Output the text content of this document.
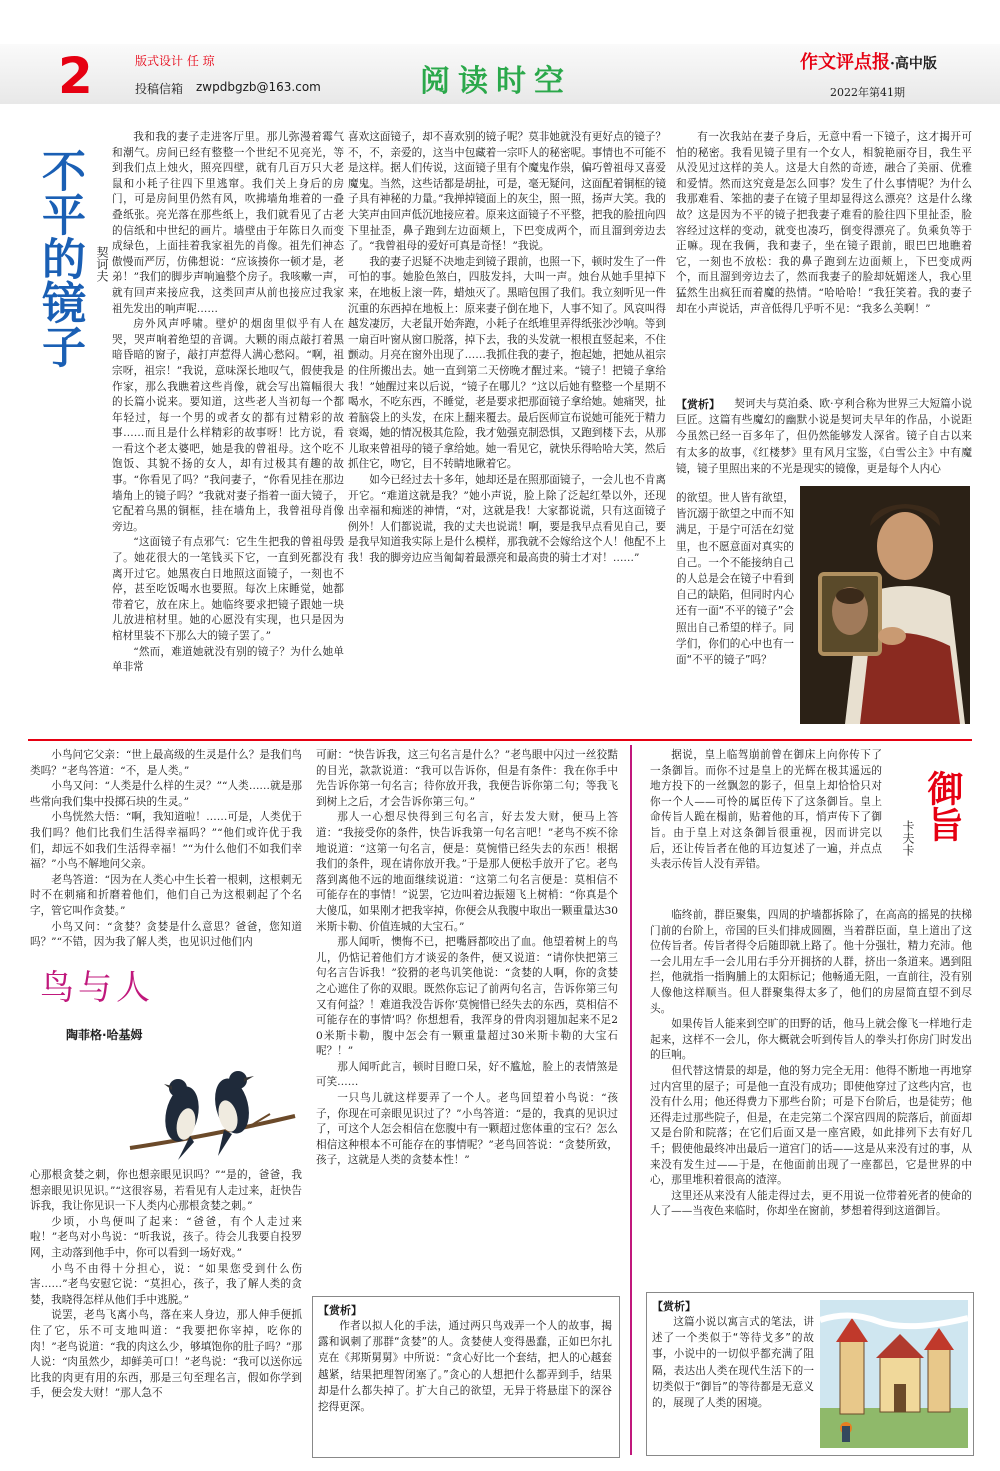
2	版式设计 任 琼
投稿信箱 zwpdbgzb@163.com	阅读时空
作文评点报·高中版
2022年第41期
不平的镜子 契诃夫

我和我的妻子走进客厅里。那儿弥漫着霉气和潮气。房间已经有整整一个世纪不见亮光，等到我们点上烛火，照亮四壁，就有几百万只大老鼠和小耗子往四下里逃窜。我们关上身后的房门，可是房间里仍然有风，吹拂墙角堆着的一叠叠纸张。亮光落在那些纸上，我们就看见了古老的信纸和中世纪的画片。墙壁由于年陈日久而变成绿色，上面挂着我家祖先的肖像。祖先们神态傲慢而严厉，仿佛想说：“应该揍你一顿才是，老弟！”我们的脚步声响遍整个房子。我咳嗽一声，就有回声来接应我，这类回声从前也接应过我家祖先发出的响声呢……

房外风声呼啸。壁炉的烟囱里似乎有人在哭，哭声响着绝望的音调。大颗的雨点敲打着黑暗昏暗的窗子，敲打声惹得人满心愁闷。“啊，祖宗呀，祖宗！”我说，意味深长地叹气，假使我是作家，那么我瞧着这些肖像，就会写出篇幅很大的长篇小说来。要知道，这些老人当初每一个都年轻过，每一个男的或者女的都有过精彩的故事……而且是什么样精彩的故事呀！比方说，看一看这个老太婆吧，她是我的曾祖母。这个吃不饱饭、其貌不扬的女人，却有过极其有趣的故事。“你看见了吗？”我问妻子，“你看见挂在那边墙角上的镜子吗？”我就对妻子指着一面大镜子，它配着乌黑的铜框，挂在墙角上，我曾祖母肖像旁边。

“这面镜子有点邪气：它生生把我的曾祖母毁了。她花很大的一笔钱买下它，一直到死都没有离开过它。她黑夜白日地照这面镜子，一刻也不停，甚至吃饭喝水也要照。每次上床睡觉，她都带着它，放在床上。她临终要求把镜子跟她一块儿放进棺材里。她的心愿没有实现，也只是因为棺材里装不下那么大的镜子罢了。”

“然而，难道她就没有别的镜子？为什么她单单非常

喜欢这面镜子，却不喜欢别的镜子呢？莫非她就没有更好点的镜子？不，不，亲爱的，这当中包藏着一宗吓人的秘密呢。事情也不可能不是这样。据人们传说，这面镜子里有个魔鬼作祟，偏巧曾祖母又喜爱魔鬼。当然，这些话都是胡扯，可是，毫无疑问，这面配着铜框的镜子具有神秘的力量。”我掸掉镜面上的灰尘，照一照，扬声大笑。我的大笑声由回声低沉地接应着。原来这面镜子不平整，把我的脸扭向四下里扯歪，鼻子跑到左边面颊上，下巴变成两个，而且溜到旁边去了。“我曾祖母的爱好可真是奇怪！”我说。

我的妻子迟疑不决地走到镜子跟前，也照一下，顿时发生了一件可怕的事。她脸色煞白，四肢发抖，大叫一声。烛台从她手里掉下来，在地板上滚一阵，蜡烛灭了。黑暗包围了我们。我立刻听见一件沉重的东西掉在地板上：原来妻子倒在地下，人事不知了。风哀叫得越发凄厉，大老鼠开始奔跑，小耗子在纸堆里弄得纸张沙沙响。等到一扇百叶窗从窗口脱落，掉下去，我的头发就一根根直竖起来，不住颤动。月亮在窗外出现了……我抓住我的妻子，抱起她，把她从祖宗的住所搬出去。她一直到第二天傍晚才醒过来。“镜子！把镜子拿给我！”她醒过来以后说，“镜子在哪儿？”这以后她有整整一个星期不喝水，不吃东西，不睡觉，老是要求把那面镜子拿给她。她痛哭，扯着脑袋上的头发，在床上翻来覆去。最后医师宣布说她可能死于精力衰竭，她的情况极其危险，我才勉强克制恐惧，又跑到楼下去，从那儿取来曾祖母的镜子拿给她。她一看见它，就快乐得哈哈大笑，然后抓住它，吻它，目不转睛地瞅着它。

如今已经过去十多年，她却还是在照那面镜子，一会儿也不肯离开它。“难道这就是我？”她小声说，脸上除了泛起红晕以外，还现出幸福和痴迷的神情，“对，这就是我！大家都说谎，只有这面镜子例外！人们都说谎，我的丈夫也说谎！啊，要是我早点看见自己，要是我早知道我实际上是什么模样，那我就不会嫁给这个人！他配不上我！我的脚旁边应当匍匐着最漂亮和最高贵的骑士才对！……”

有一次我站在妻子身后，无意中看一下镜子，这才揭开可怕的秘密。我看见镜子里有一个女人，相貌艳丽夺目，我生平从没见过这样的美人。这是大自然的奇迹，融合了美丽、优雅和爱情。然而这究竟是怎么回事？发生了什么事情呢？为什么我那难看、笨拙的妻子在镜子里却显得这么漂亮？这是什么缘故？这是因为不平的镜子把我妻子难看的脸往四下里扯歪，脸容经过这样的变动，就变也凑巧，倒变得漂亮了。负乘负等于正嘛。现在我俩，我和妻子，坐在镜子跟前，眼巴巴地瞧着它，一刻也不放松：我的鼻子跑到左边面颊上，下巴变成两个，而且溜到旁边去了，然而我妻子的脸却妩媚迷人，我心里猛然生出疯狂而着魔的热情。“哈哈哈！”我狂笑着。我的妻子却在小声说话，声音低得几乎听不见：“我多么美啊！”

【赏析】	契诃夫与莫泊桑、欧·亨利合称为世界三大短篇小说巨匠。这篇有些魔幻的幽默小说是契诃夫早年的作品，小说距今虽然已经一百多年了，但仍然能够发人深省。镜子自古以来有太多的故事，《红楼梦》里有风月宝鉴，《白雪公主》中有魔镜，镜子里照出来的不光是现实的镜像，更是每个人内心

的欲望。世人皆有欲望，皆沉溺于欲望之中而不知满足，于是宁可活在幻觉里，也不愿意面对真实的自己。一个不能接纳自己的人总是会在镜子中看到自己的缺陷，但同时内心还有一面“不平的镜子”会照出自己希望的样子。同学们，你们的心中也有一面“不平的镜子”吗？

小鸟问它父亲：“世上最高级的生灵是什么？是我们鸟类吗？”老鸟答道：“不，是人类。”

小鸟又问：“人类是什么样的生灵？”“人类……就是那些常向我们集中投掷石块的生灵。”

小鸟恍然大悟：“啊，我知道啦！……可是，人类优于我们吗？他们比我们生活得幸福吗？”“他们或许优于我们，却远不如我们生活得幸福！”“为什么他们不如我们幸福？”小鸟不解地问父亲。

老鸟答道：“因为在人类心中生长着一根刺，这根刺无时不在刺痛和折磨着他们，他们自己为这根刺起了个名字，管它叫作贪婪。”

小鸟又问：“贪婪？贪婪是什么意思？爸爸，您知道吗？”“不错，因为我了解人类，也见识过他们内

鸟与人
陶菲格·哈基姆

心那根贪婪之刺，你也想亲眼见识吗？”“是的，爸爸，我想亲眼见识见识。”“这很容易，若看见有人走过来，赶快告诉我，我让你见识一下人类内心那根贪婪之刺。”

少顷，小鸟便叫了起来：“爸爸，有个人走过来啦！”老鸟对小鸟说：“听我说，孩子。待会儿我要自投罗网，主动落到他手中，你可以看到一场好戏。”

小鸟不由得十分担心，说：“如果您受到什么伤害……”老鸟安慰它说：“莫担心，孩子，我了解人类的贪婪，我晓得怎样从他们手中逃脱。”

说罢，老鸟飞离小鸟，落在来人身边，那人伸手便抓住了它，乐不可支地叫道：“我要把你宰掉，吃你的肉！”老鸟说道：“我的肉这么少，够填饱你的肚子吗？”那人说：“肉虽然少，却鲜美可口！”老鸟说：“我可以送你远比我的肉更有用的东西，那是三句至理名言，假如你学到手，便会发大财！”那人急不

可耐：“快告诉我，这三句名言是什么？”老鸟眼中闪过一丝狡黠的目光，款款说道：“我可以告诉你，但是有条件：我在你手中先告诉你第一句名言；待你放开我，我便告诉你第二句；等我飞到树上之后，才会告诉你第三句。”

那人一心想尽快得到三句名言，好去发大财，便马上答道：“我接受你的条件，快告诉我第一句名言吧！”老鸟不疾不徐地说道：“这第一句名言，便是：莫惋惜已经失去的东西！根据我们的条件，现在请你放开我。”于是那人便松手放开了它。老鸟落到离他不远的地面继续说道：“这第二句名言便是：莫相信不可能存在的事情！”说罢，它边叫着边振翅飞上树梢：“你真是个大傻瓜，如果刚才把我宰掉，你便会从我腹中取出一颗重量达30米斯卡勒、价值连城的大宝石。”

那人闻听，懊悔不已，把嘴唇都咬出了血。他望着树上的鸟儿，仍惦记着他们方才谈妥的条件，便又说道：“请你快把第三句名言告诉我！”狡猾的老鸟讥笑他说：“贪婪的人啊，你的贪婪之心遮住了你的双眼。既然你忘记了前两句名言，告诉你第三句又有何益？！难道我没告诉你‘莫惋惜已经失去的东西，莫相信不可能存在的事情’吗？你想想看，我浑身的骨肉羽翅加起来不足20米斯卡勒，腹中怎会有一颗重量超过30米斯卡勒的大宝石呢？！”

那人闻听此言，顿时目瞪口呆，好不尴尬，脸上的表情煞是可笑……

一只鸟儿就这样要弄了一个人。老鸟回望着小鸟说：“孩子，你现在可亲眼见识过了？”小鸟答道：“是的，我真的见识过了，可这个人怎会相信在您腹中有一颗超过您体重的宝石？怎么相信这种根本不可能存在的事情呢？”老鸟回答说：“贪婪所致，孩子，这就是人类的贪婪本性！”

【赏析】

作者以拟人化的手法，通过两只鸟戏弄一个人的故事，揭露和讽刺了那群“贪婪”的人。贪婪使人变得愚蠢，正如巴尔扎克在《邦斯舅舅》中所说：“贪心好比一个套结，把人的心越套越紧，结果把理智闭塞了。”贪心的人想把什么都弄到手，结果却是什么都失掉了。扩大自己的欲望，无异于将悬崖下的深谷挖得更深。

御旨
卡夫卡

据说，皇上临驾崩前曾在御床上向你传下了一条御旨。而你不过是皇上的光辉在极其遥远的地方投下的一丝飘忽的影子，但皇上却恰恰只对你一个人——可怜的属臣传下了这条御旨。皇上命传旨人跪在榻前，贴着他的耳，悄声传下了御旨。由于皇上对这条御旨很重视，因而讲完以后，还让传旨者在他的耳边复述了一遍，并点点头表示传旨人没有弄错。

临终前，群臣聚集，四周的护墙都拆除了，在高高的摇晃的扶梯门前的台阶上，帝国的巨头们排成圆圈，当着群臣面，皇上道出了这位传旨者。传旨者得令后随即就上路了。他十分强壮，精力充沛。他一会儿用左手一会儿用右手分开拥挤的人群，挤出一条道来。遇到阻拦，他就指一指胸脯上的太阳标记；他畅通无阻，一直前往，没有别人像他这样顺当。但人群聚集得太多了，他们的房屋简直望不到尽头。

如果传旨人能来到空旷的田野的话，他马上就会像飞一样地行走起来，这样不一会儿，你大概就会听到传旨人的拳头打你房门时发出的巨响。

但代替这情景的却是，他的努力完全无用：他得不断地一再地穿过内宫里的屋子；可是他一直没有成功；即使他穿过了这些内宫，也没有什么用；他还得费力下那些台阶；可是下台阶后，也是徒劳；他还得走过那些院子，但是，在走完第二个深宫四周的院落后，前面却又是台阶和院落；在它们后面又是一座宫殿，如此排列下去有好几千；假使他最终冲出最后一道宫门的话——这是从来没有过的事，从来没有发生过——于是，在他面前出现了一座都邑，它是世界的中心，那里堆积着很高的渣滓。

这里还从来没有人能走得过去，更不用说一位带着死者的使命的人了——当夜色来临时，你却坐在窗前，梦想着得到这道御旨。

【赏析】

这篇小说以寓言式的笔法，讲述了一个类似于“等待戈多”的故事，小说中的一切似乎都充满了阻隔，表达出人类在现代生活下的一切类似于“御旨”的等待都是无意义的，展现了人类的困境。
